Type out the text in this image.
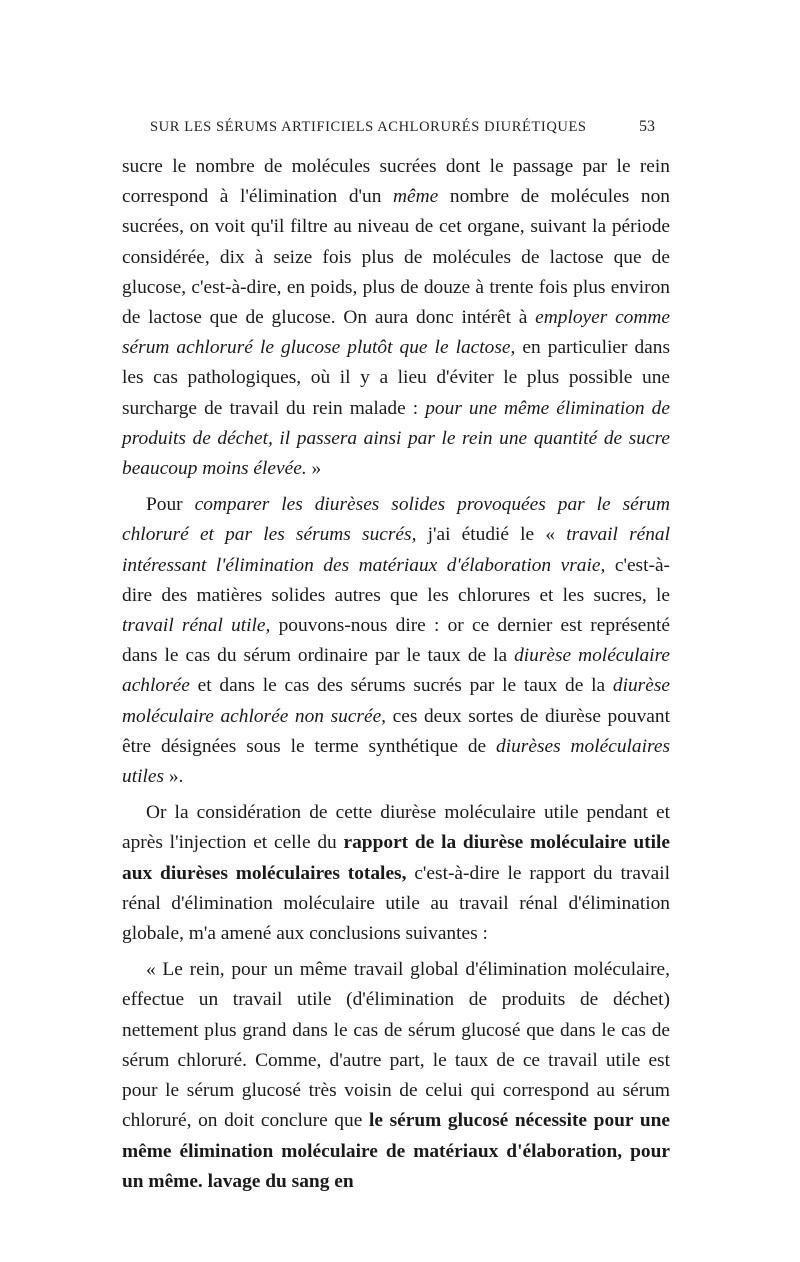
SUR LES SÉRUMS ARTIFICIELS ACHLORURÉS DIURÉTIQUES	53

sucre le nombre de molécules sucrées dont le passage par le rein correspond à l'élimination d'un même nombre de molécules non sucrées, on voit qu'il filtre au niveau de cet organe, suivant la période considérée, dix à seize fois plus de molécules de lactose que de glucose, c'est-à-dire, en poids, plus de douze à trente fois plus environ de lactose que de glucose. On aura donc intérêt à employer comme sérum achloruré le glucose plutôt que le lactose, en particulier dans les cas pathologiques, où il y a lieu d'éviter le plus possible une surcharge de travail du rein malade : pour une même élimination de produits de déchet, il passera ainsi par le rein une quantité de sucre beaucoup moins élevée. »

Pour comparer les diurèses solides provoquées par le sérum chloruré et par les sérums sucrés, j'ai étudié le « travail rénal intéressant l'élimination des matériaux d'élaboration vraie, c'est-à-dire des matières solides autres que les chlorures et les sucres, le travail rénal utile, pouvons-nous dire : or ce dernier est représenté dans le cas du sérum ordinaire par le taux de la diurèse moléculaire achlorée et dans le cas des sérums sucrés par le taux de la diurèse moléculaire achlorée non sucrée, ces deux sortes de diurèse pouvant être désignées sous le terme synthétique de diurèses moléculaires utiles ».

Or la considération de cette diurèse moléculaire utile pendant et après l'injection et celle du rapport de la diurèse moléculaire utile aux diurèses moléculaires totales, c'est-à-dire le rapport du travail rénal d'élimination moléculaire utile au travail rénal d'élimination globale, m'a amené aux conclusions suivantes :

« Le rein, pour un même travail global d'élimination moléculaire, effectue un travail utile (d'élimination de produits de déchet) nettement plus grand dans le cas de sérum glucosé que dans le cas de sérum chloruré. Comme, d'autre part, le taux de ce travail utile est pour le sérum glucosé très voisin de celui qui correspond au sérum chloruré, on doit conclure que le sérum glucosé nécessite pour une même élimination moléculaire de matériaux d'élaboration, pour un même. lavage du sang en
